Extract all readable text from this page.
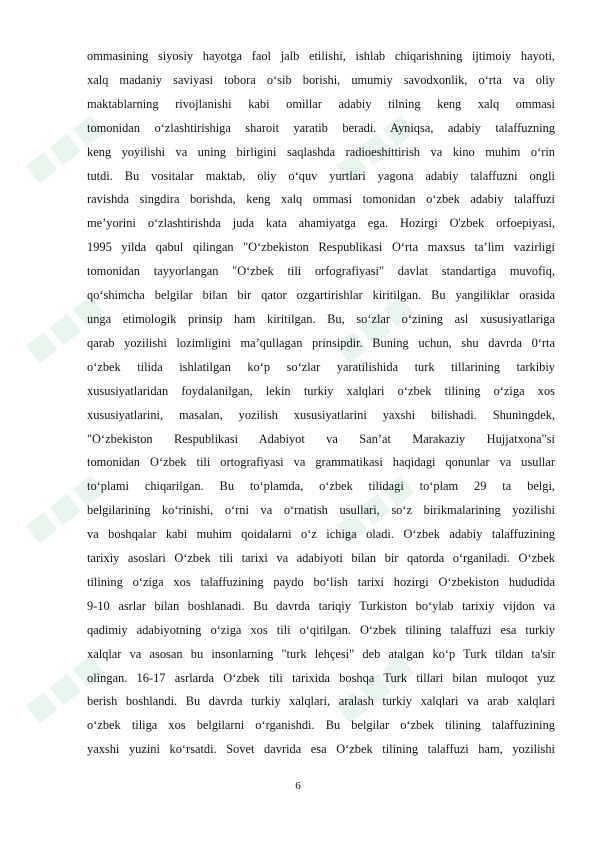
■■■	■■■
■■■	■■■
■■■	■■■
■■■	■■■

ommasining siyosiy hayotga faol jalb etilishi, ishlab chiqarishning ijtimoiy hayoti,
xalq madaniy saviyasi tobora o‘sib borishi, umumiy savodxonlik, o‘rta va oliy
maktablarning rivojlanishi kabi omillar adabiy tilning keng xalq ommasi
tomonidan o‘zlashtirishiga sharoit yaratib beradi. Ayniqsa, adabiy talaffuzning
keng yoyilishi va uning birligini saqlashda radioeshittirish va kino muhim o‘rin
tutdi. Bu vositalar maktab, oliy o‘quv yurtlari yagona adabiy talaffuzni ongli
ravishda singdira borishda, keng xalq ommasi tomonidan o‘zbek adabiy talaffuzi
me’yorini o‘zlashtirishda juda kata ahamiyatga ega. Hozirgi O'zbek orfoepiyasi,
1995 yilda qabul qilingan "O‘zbekiston Respublikasi O‘rta maxsus ta’lim vazirligi
tomonidan tayyorlangan "O‘zbek tili orfografiyasi" davlat standartiga muvofiq,
qo‘shimcha belgilar bilan bir qator ozgartirishlar kiritilgan. Bu yangiliklar orasida
unga etimologik prinsip ham kiritilgan. Bu, so‘zlar o‘zining asl xususiyatlariga
qarab yozilishi lozimligini ma’qullagan prinsipdir. Buning uchun, shu davrda 0‘rta
o‘zbek tilida ishlatilgan ko‘p so‘zlar yaratilishida turk tillarining tarkibiy
xususiyatlaridan foydalanilgan, lekin turkiy xalqlari o‘zbek tilining o‘ziga xos
xususiyatlarini, masalan, yozilish xususiyatlarini yaxshi bilishadi. Shuningdek,
"O‘zbekiston Respublikasi Adabiyot va San’at Marakaziy Hujjatxona"si
tomonidan O‘zbek tili ortografiyasi va grammatikasi haqidagi qonunlar va usullar
to‘plami chiqarilgan. Bu to‘plamda, o‘zbek tilidagi to‘plam 29 ta belgi,
belgilarining ko‘rinishi, o‘rni va o‘rnatish usullari, so‘z birikmalarining yozilishi
va boshqalar kabi muhim qoidalarni o‘z ichiga oladi. O‘zbek adabiy talaffuzining
tarixiy asoslari O‘zbek tili tarixi va adabiyoti bilan bir qatorda o‘rganiladi. O‘zbek
tilining o‘ziga xos talaffuzining paydo bo‘lish tarixi hozirgi O‘zbekiston hududida
9-10 asrlar bilan boshlanadi. Bu davrda tariqiy Turkiston bo‘ylab tarixiy vijdon va
qadimiy adabiyotning o‘ziga xos tili o‘qitilgan. O‘zbek tilining talaffuzi esa turkiy
xalqlar va asosan bu insonlarning "turk lehçesi" deb atalgan ko‘p Turk tildan ta'sir
olingan. 16-17 asrlarda O‘zbek tili tarixida boshqa Turk tillari bilan muloqot yuz
berish boshlandi. Bu davrda turkiy xalqlari, aralash turkiy xalqlari va arab xalqlari
o‘zbek tiliga xos belgilarni o‘rganishdi. Bu belgilar o‘zbek tilining talaffuzining
yaxshi yuzini ko‘rsatdi. Sovet davrida esa O‘zbek tilining talaffuzi ham, yozilishi

6
